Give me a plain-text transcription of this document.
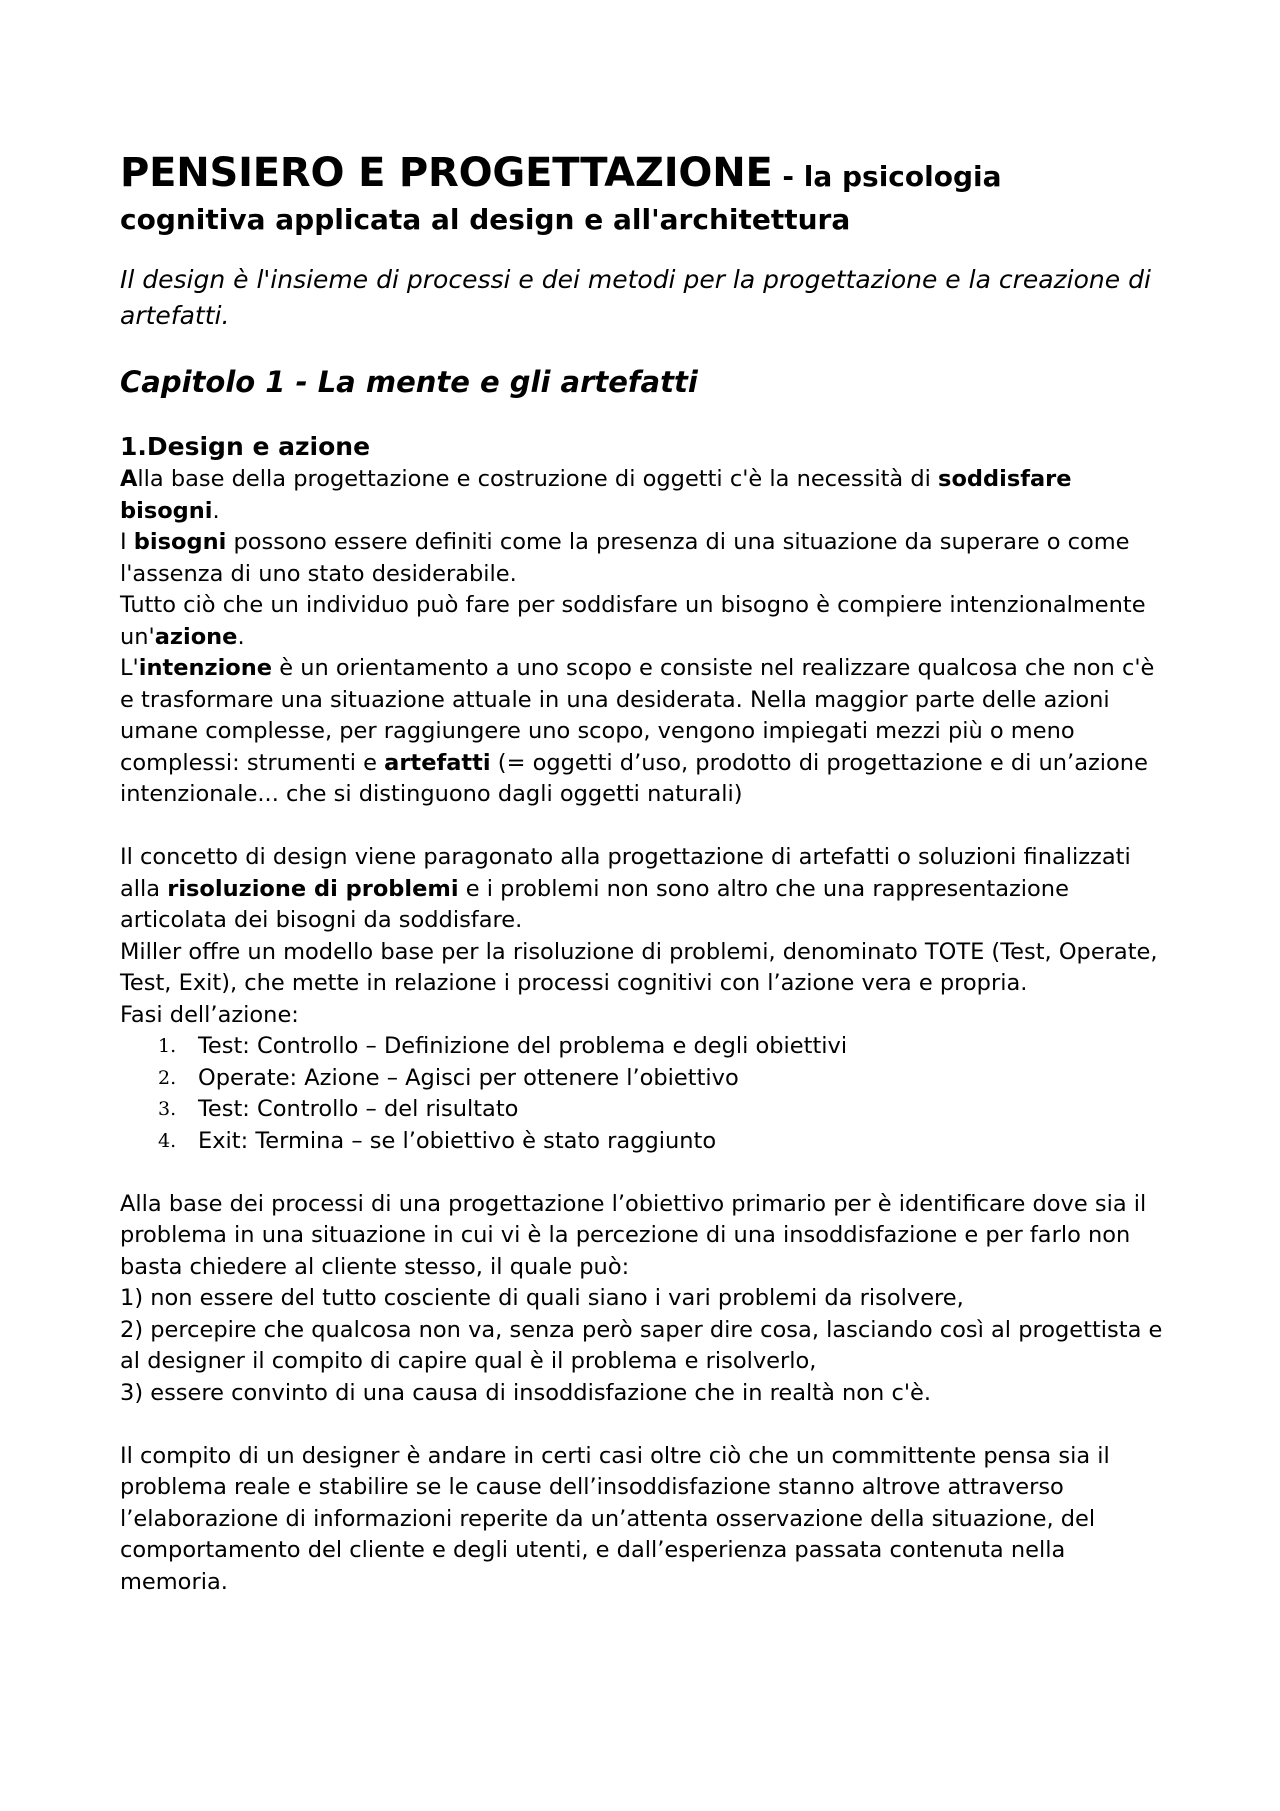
PENSIERO E PROGETTAZIONE - la psicologia

cognitiva applicata al design e all'architettura

Il design è l'insieme di processi e dei metodi per la progettazione e la creazione di artefatti.

Capitolo 1 - La mente e gli artefatti
1.Design e azione

Alla base della progettazione e costruzione di oggetti c'è la necessità di soddisfare bisogni.

I bisogni possono essere definiti come la presenza di una situazione da superare o come l'assenza di uno stato desiderabile.

Tutto ciò che un individuo può fare per soddisfare un bisogno è compiere intenzionalmente un'azione.

L'intenzione è un orientamento a uno scopo e consiste nel realizzare qualcosa che non c'è e trasformare una situazione attuale in una desiderata. Nella maggior parte delle azioni umane complesse, per raggiungere uno scopo, vengono impiegati mezzi più o meno complessi: strumenti e artefatti (= oggetti d’uso, prodotto di progettazione e di un’azione intenzionale... che si distinguono dagli oggetti naturali)

Il concetto di design viene paragonato alla progettazione di artefatti o soluzioni finalizzati alla risoluzione di problemi e i problemi non sono altro che una rappresentazione articolata dei bisogni da soddisfare.

Miller offre un modello base per la risoluzione di problemi, denominato TOTE (Test, Operate, Test, Exit), che mette in relazione i processi cognitivi con l’azione vera e propria.

Fasi dell’azione:

1. Test: Controllo – Definizione del problema e degli obiettivi
2. Operate: Azione – Agisci per ottenere l’obiettivo
3. Test: Controllo – del risultato
4. Exit: Termina – se l’obiettivo è stato raggiunto

Alla base dei processi di una progettazione l’obiettivo primario per è identificare dove sia il problema in una situazione in cui vi è la percezione di una insoddisfazione e per farlo non basta chiedere al cliente stesso, il quale può:

1) non essere del tutto cosciente di quali siano i vari problemi da risolvere,

2) percepire che qualcosa non va, senza però saper dire cosa, lasciando così al progettista e al designer il compito di capire qual è il problema e risolverlo,

3) essere convinto di una causa di insoddisfazione che in realtà non c'è.

Il compito di un designer è andare in certi casi oltre ciò che un committente pensa sia il problema reale e stabilire se le cause dell’insoddisfazione stanno altrove attraverso l’elaborazione di informazioni reperite da un’attenta osservazione della situazione, del comportamento del cliente e degli utenti, e dall’esperienza passata contenuta nella memoria.
